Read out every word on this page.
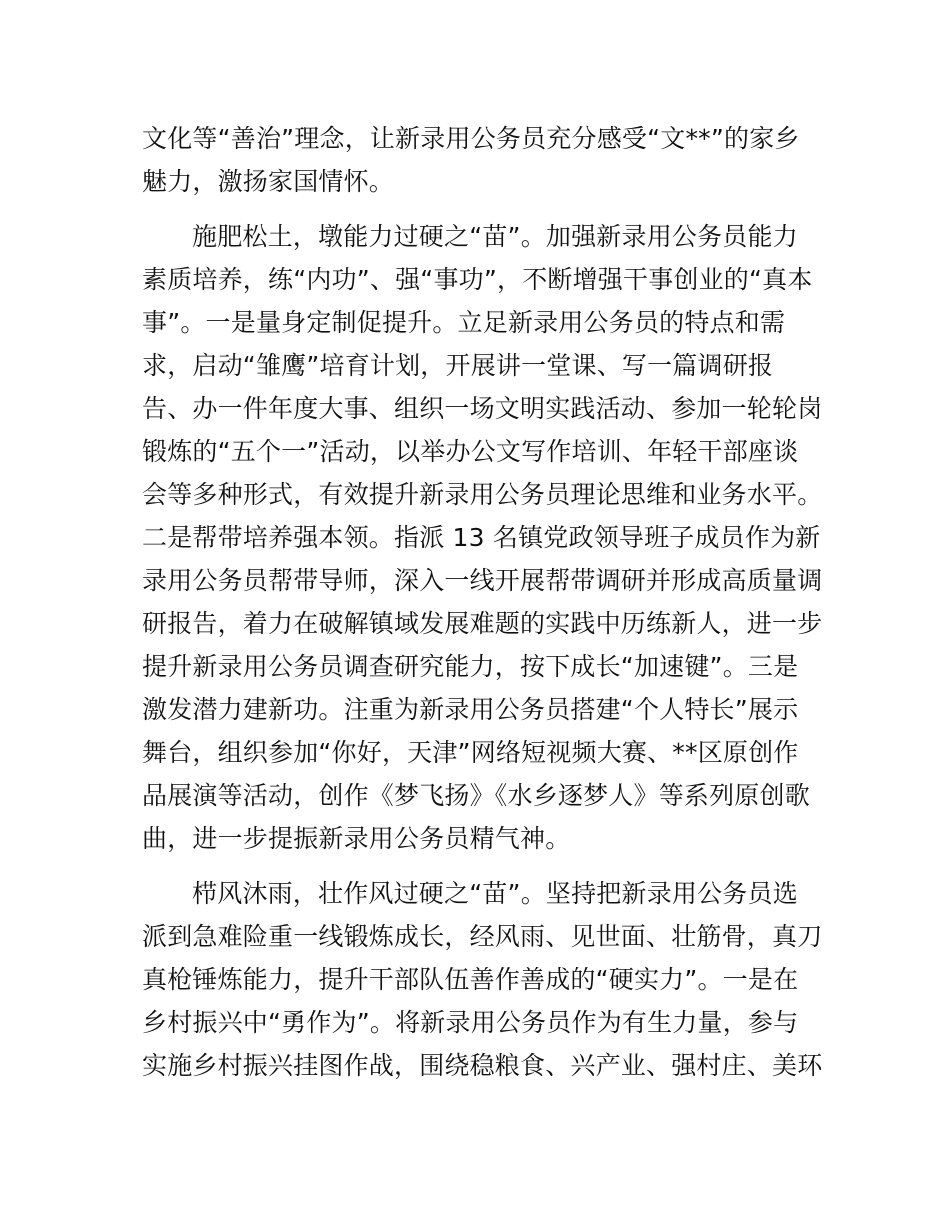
文化等“善治”理念，让新录用公务员充分感受“文**”的家乡
魅力，激扬家国情怀。
施肥松土，墩能力过硬之“苗”。加强新录用公务员能力
素质培养，练“内功”、强“事功”，不断增强干事创业的“真本
事”。一是量身定制促提升。立足新录用公务员的特点和需
求，启动“雏鹰”培育计划，开展讲一堂课、写一篇调研报
告、办一件年度大事、组织一场文明实践活动、参加一轮轮岗
锻炼的“五个一”活动，以举办公文写作培训、年轻干部座谈
会等多种形式，有效提升新录用公务员理论思维和业务水平。
二是帮带培养强本领。指派 13 名镇党政领导班子成员作为新
录用公务员帮带导师，深入一线开展帮带调研并形成高质量调
研报告，着力在破解镇域发展难题的实践中历练新人，进一步
提升新录用公务员调查研究能力，按下成长“加速键”。三是
激发潜力建新功。注重为新录用公务员搭建“个人特长”展示
舞台，组织参加“你好，天津”网络短视频大赛、**区原创作
品展演等活动，创作《梦飞扬》《水乡逐梦人》等系列原创歌
曲，进一步提振新录用公务员精气神。
栉风沐雨，壮作风过硬之“苗”。坚持把新录用公务员选
派到急难险重一线锻炼成长，经风雨、见世面、壮筋骨，真刀
真枪锤炼能力，提升干部队伍善作善成的“硬实力”。一是在
乡村振兴中“勇作为”。将新录用公务员作为有生力量，参与
实施乡村振兴挂图作战，围绕稳粮食、兴产业、强村庄、美环
